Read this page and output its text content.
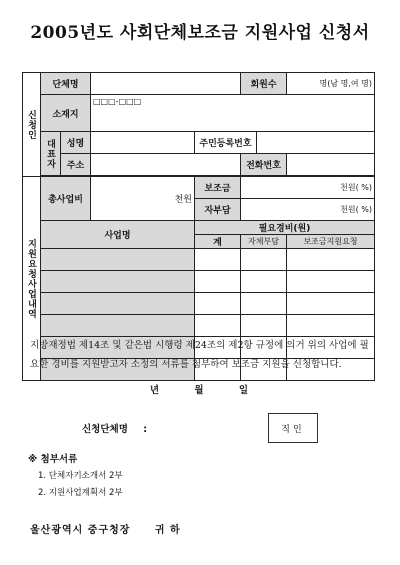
2005년도 사회단체보조금 지원사업 신청서
신청인	단체명				회원수		명(남 명,여 명)
	소재지		□□□-□□□				
	대표자	성명		주민등록번호			
		주소			전화번호		

지원요청사업내역	총사업비		천원	보조금	천원( %)		
				자부담	천원( %)		
	사업명			필요경비(원)			
				계	자체부담		보조금지원요청

지방재정법 제14조 및 같은법 시행령 제24조의 제2항 규정에 의거 위의 사업에 필요한 경비를 지원받고자 소정의 서류를 첨부하여 보조금 지원을 신청합니다.
년	월	일
신청단체명 :	직인
※ 첨부서류
1. 단체자기소개서 2부
2. 지원사업계획서 2부
울산광역시 중구청장 귀 하
